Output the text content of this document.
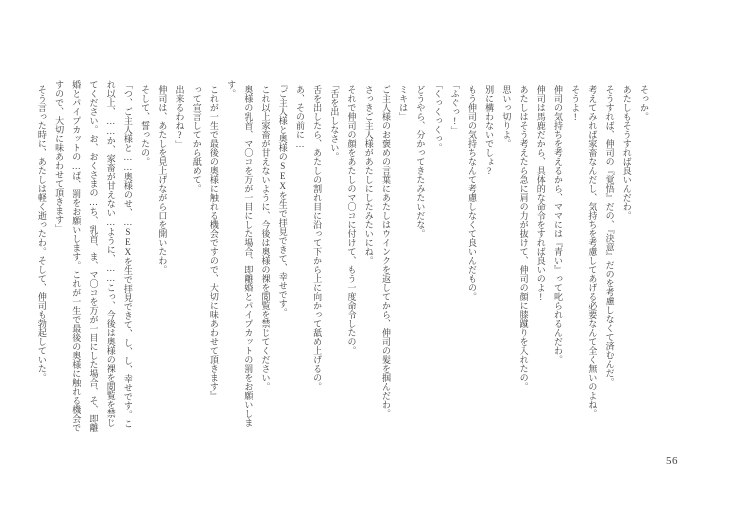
そっか。

あたしもそうすれば良いんだわ。

そうすれば、伸司の『覚悟』だの、『決意』だのを考慮しなくて済むんだ。

考えてみれば家畜なんだし、気持ちを考慮してあげる必要なんて全く無いのよね。

そうよ!

伸司の気持ちを考えるから、ママには『青い』って叱られるんだわ。

伸司は馬鹿だから、具体的な命令をすれば良いのよ!

あたしはそう考えたら急に肩の力が抜けて、伸司の顔に膝蹴りを入れたの。

思いっ切りよ。

別に構わないでしょ?

もう伸司の気持ちなんて考慮しなくて良いんだもの。

「ふぐっ!」

「くっくっくっ。

どうやら、分かってきたみたいだな。

ミキは」

ご主人様のお褒めの言葉にあたしはウインクを返してから、伸司の髪を掴んだわ。

さっきご主人様があたしにしたみたいにね。

それで伸司の顔をあたしのマ〇コに付けて、もう一度命令したの。

「舌を出しなさい。

舌を出したら、あたしの割れ目に沿って下から上に向かって舐め上げるの。

あ、その前に…

『ご主人様と奥様のSEXを生で拝見できて、幸せです。

これ以上家畜が甘えないように、今後は奥様の裸を閲覧を禁じてください。

奥様の乳首、マ〇コを万が一目にした場合、即離婚とパイプカットの罰をお願いします。

これが一生で最後の奥様に触れる機会ですので、大切に味あわせて頂きます』

って宣言してから舐めて。

出来るわね?」

伸司は、あたしを見上げながら口を開いたわ。

そして、誓ったの。

「つ、ご主人様と……奥様のせ、…SEXを生で拝見できて、し、し、幸せです。これ以上、……か、家畜が甘えない…ように、……こっ、今後は奥様の裸を閲覧を禁じてください。お、おくさまの…ち、乳首、ま、マ〇コを万が一目にした場合、そ、即離婚とパイプカットの…ば、罰をお願いします。これが一生で最後の奥様に触れる機会ですので、大切に味あわせて頂きます」

そう言った時に、あたしは軽く逝ったわ。そして、伸司も勃起していた。

56
